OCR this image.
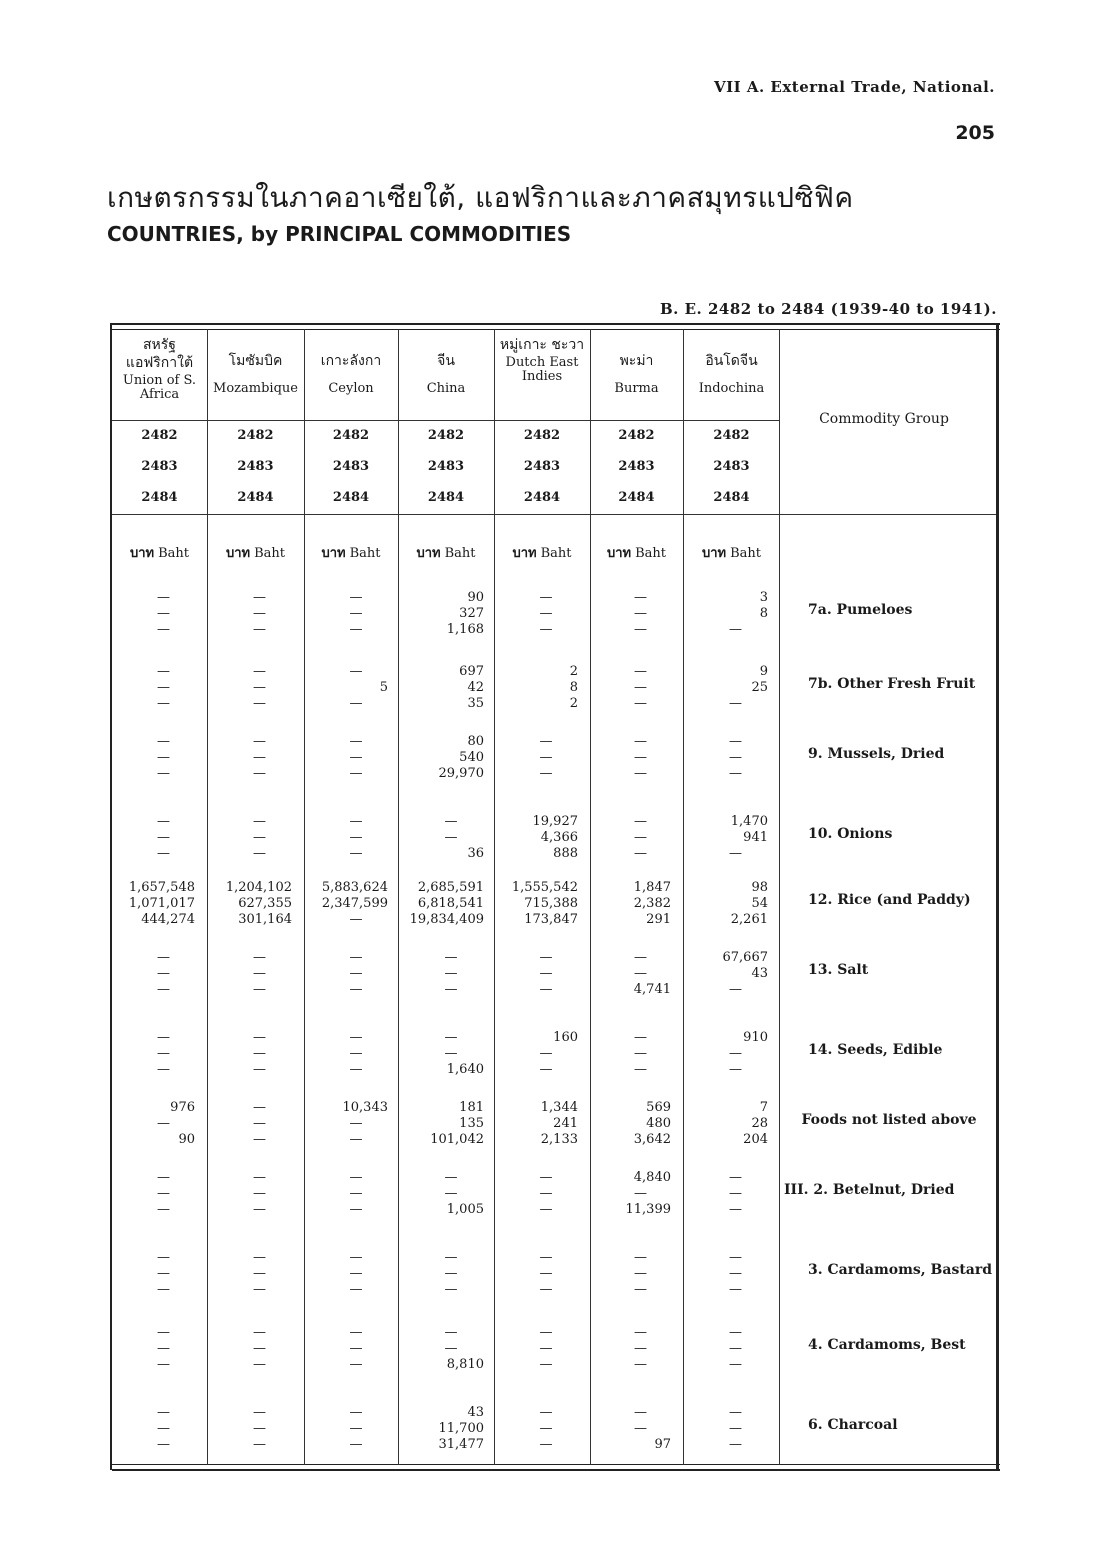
VII A. External Trade, National.
205
เกษตรกรรมในภาคอาเซียใต้, แอฟริกาและภาคสมุทรแปซิฟิค
COUNTRIES, by PRINCIPAL COMMODITIES
B. E. 2482 to 2484 (1939-40 to 1941).
สหรัฐ แอฟริกาใต้
Union of S. Africa
2482
2483
2484
บาท Baht
โมซัมบิค
Mozambique
2482
2483
2484
บาท Baht
เกาะลังกา
Ceylon
2482
2483
2484
บาท Baht
จีน
China
2482
2483
2484
บาท Baht
หมู่เกาะ ชะวา
Dutch East Indies
2482
2483
2484
บาท Baht
พะม่า
Burma
2482
2483
2484
บาท Baht
อินโดจีน
Indochina
2482
2483
2484
บาท Baht
—
—
—
—
—
—
—
—
—
90
327
1,168
—
—
—
—
—
—
3
8
—
7a. Pumeloes
—
—
—
—
—
—
—
5
—
697
42
35
2
8
2
—
—
—
9
25
—
7b. Other Fresh Fruit
—
—
—
—
—
—
—
—
—
80
540
29,970
—
—
—
—
—
—
—
—
—
9. Mussels, Dried
—
—
—
—
—
—
—
—
—
—
—
36
19,927
4,366
888
—
—
—
1,470
941
—
10. Onions
1,657,548
1,071,017
444,274
1,204,102
627,355
301,164
5,883,624
2,347,599
—
2,685,591
6,818,541
19,834,409
1,555,542
715,388
173,847
1,847
2,382
291
98
54
2,261
12. Rice (and Paddy)
—
—
—
—
—
—
—
—
—
—
—
—
—
—
—
—
—
4,741
67,667
43
—
13. Salt
—
—
—
—
—
—
—
—
—
—
—
1,640
160
—
—
—
—
—
910
—
—
14. Seeds, Edible
976
—
90
—
—
—
10,343
—
—
181
135
101,042
1,344
241
2,133
569
480
3,642
7
28
204
Foods not listed above
—
—
—
—
—
—
—
—
—
—
—
1,005
—
—
—
4,840
—
11,399
—
—
—
III. 2. Betelnut, Dried
—
—
—
—
—
—
—
—
—
—
—
—
—
—
—
—
—
—
—
—
—
3. Cardamoms, Bastard
—
—
—
—
—
—
—
—
—
—
—
8,810
—
—
—
—
—
—
—
—
—
4. Cardamoms, Best
—
—
—
—
—
—
—
—
—
43
11,700
31,477
—
—
—
—
—
97
—
—
—
6. Charcoal
Commodity Group
